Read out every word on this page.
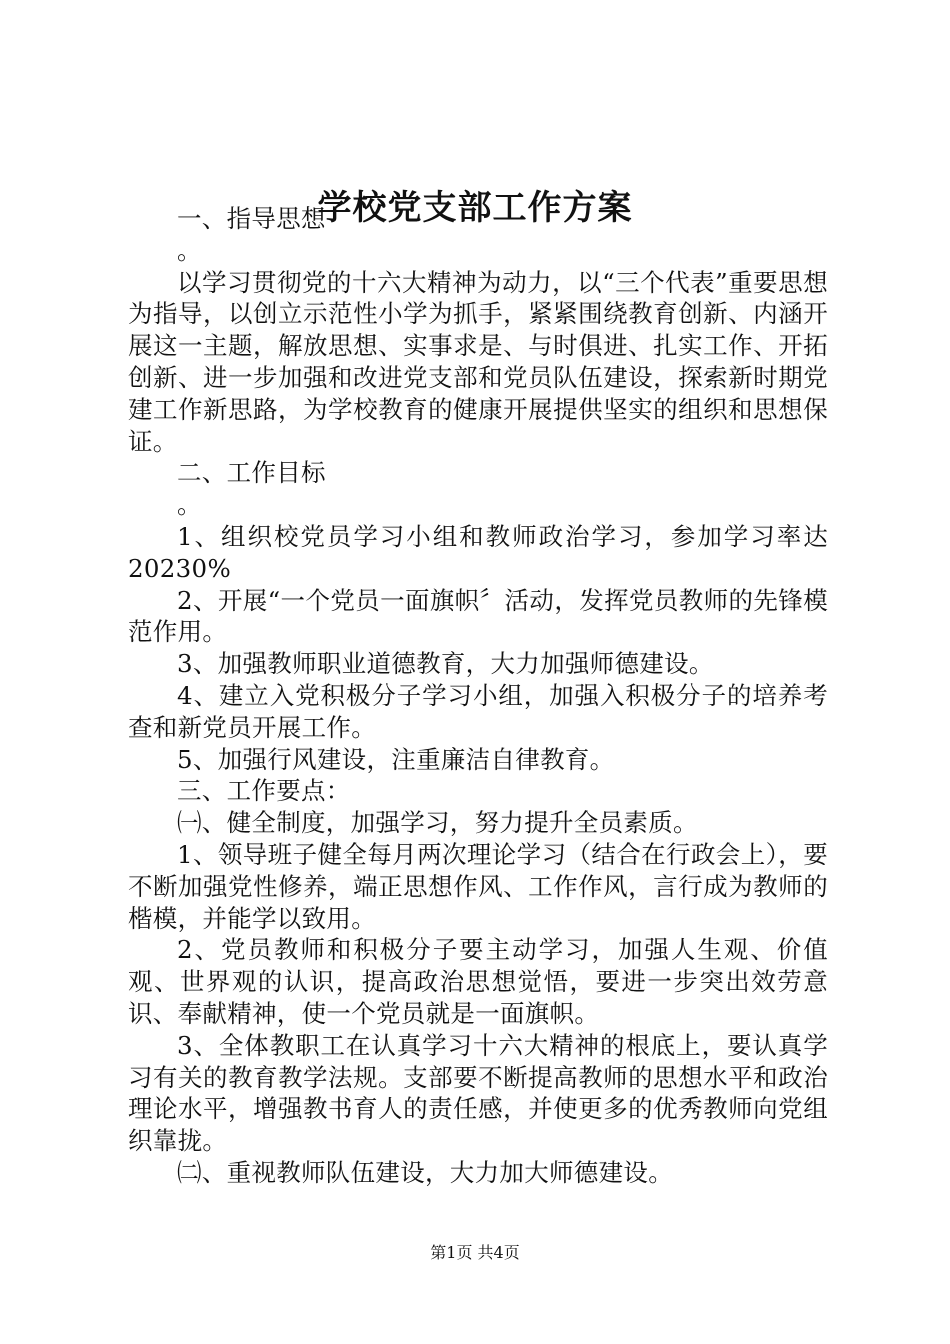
学校党支部工作方案

一、指导思想

。

以学习贯彻党的十六大精神为动力，以“三个代表”重要思想为指导，以创立示范性小学为抓手，紧紧围绕教育创新、内涵开展这一主题，解放思想、实事求是、与时俱进、扎实工作、开拓创新、进一步加强和改进党支部和党员队伍建设，探索新时期党建工作新思路，为学校教育的健康开展提供坚实的组织和思想保证。

二、工作目标

。

1、组织校党员学习小组和教师政治学习，参加学习率达20230%

2、开展“一个党员一面旗帜〞活动，发挥党员教师的先锋模范作用。

3、加强教师职业道德教育，大力加强师德建设。

4、建立入党积极分子学习小组，加强入积极分子的培养考查和新党员开展工作。

5、加强行风建设，注重廉洁自律教育。

三、工作要点：

㈠、健全制度，加强学习，努力提升全员素质。

1、领导班子健全每月两次理论学习（结合在行政会上），要不断加强党性修养，端正思想作风、工作作风，言行成为教师的楷模，并能学以致用。

2、党员教师和积极分子要主动学习，加强人生观、价值观、世界观的认识，提高政治思想觉悟，要进一步突出效劳意识、奉献精神，使一个党员就是一面旗帜。

3、全体教职工在认真学习十六大精神的根底上，要认真学习有关的教育教学法规。支部要不断提高教师的思想水平和政治理论水平，增强教书育人的责任感，并使更多的优秀教师向党组织靠拢。

㈡、重视教师队伍建设，大力加大师德建设。

第1页 共4页
